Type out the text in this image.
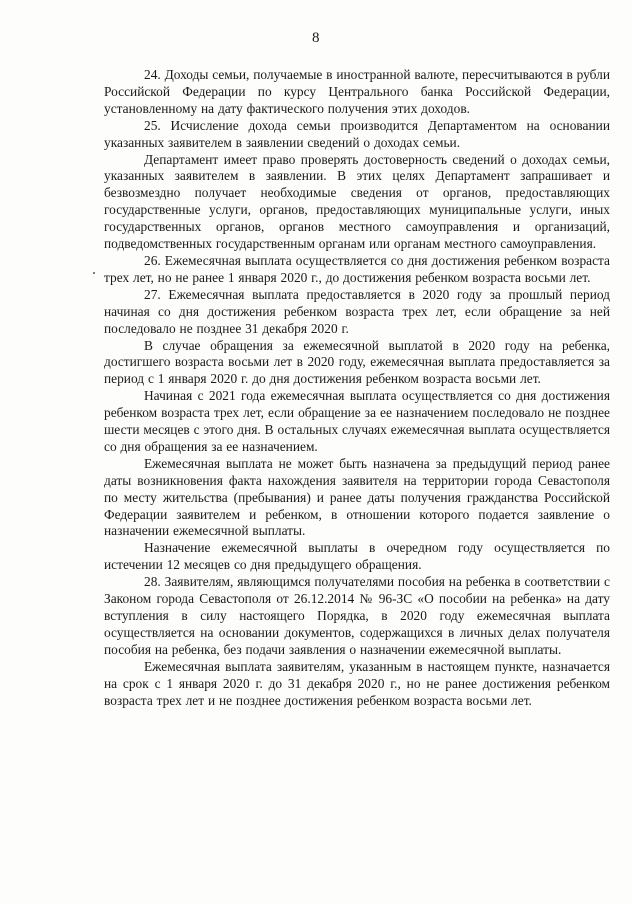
8

24. Доходы семьи, получаемые в иностранной валюте, пересчитываются в рубли Российской Федерации по курсу Центрального банка Российской Федерации, установленному на дату фактического получения этих доходов.

25. Исчисление дохода семьи производится Департаментом на основании указанных заявителем в заявлении сведений о доходах семьи.

Департамент имеет право проверять достоверность сведений о доходах семьи, указанных заявителем в заявлении. В этих целях Департамент запрашивает и безвозмездно получает необходимые сведения от органов, предоставляющих государственные услуги, органов, предоставляющих муниципальные услуги, иных государственных органов, органов местного самоуправления и организаций, подведомственных государственным органам или органам местного самоуправления.

26. Ежемесячная выплата осуществляется со дня достижения ребенком возраста трех лет, но не ранее 1 января 2020 г., до достижения ребенком возраста восьми лет.

27. Ежемесячная выплата предоставляется в 2020 году за прошлый период начиная со дня достижения ребенком возраста трех лет, если обращение за ней последовало не позднее 31 декабря 2020 г.

В случае обращения за ежемесячной выплатой в 2020 году на ребенка, достигшего возраста восьми лет в 2020 году, ежемесячная выплата предоставляется за период с 1 января 2020 г. до дня достижения ребенком возраста восьми лет.

Начиная с 2021 года ежемесячная выплата осуществляется со дня достижения ребенком возраста трех лет, если обращение за ее назначением последовало не позднее шести месяцев с этого дня. В остальных случаях ежемесячная выплата осуществляется со дня обращения за ее назначением.

Ежемесячная выплата не может быть назначена за предыдущий период ранее даты возникновения факта нахождения заявителя на территории города Севастополя по месту жительства (пребывания) и ранее даты получения гражданства Российской Федерации заявителем и ребенком, в отношении которого подается заявление о назначении ежемесячной выплаты.

Назначение ежемесячной выплаты в очередном году осуществляется по истечении 12 месяцев со дня предыдущего обращения.

28. Заявителям, являющимся получателями пособия на ребенка в соответствии с Законом города Севастополя от 26.12.2014 № 96-ЗС «О пособии на ребенка» на дату вступления в силу настоящего Порядка, в 2020 году ежемесячная выплата осуществляется на основании документов, содержащихся в личных делах получателя пособия на ребенка, без подачи заявления о назначении ежемесячной выплаты.

Ежемесячная выплата заявителям, указанным в настоящем пункте, назначается на срок с 1 января 2020 г. до 31 декабря 2020 г., но не ранее достижения ребенком возраста трех лет и не позднее достижения ребенком возраста восьми лет.
